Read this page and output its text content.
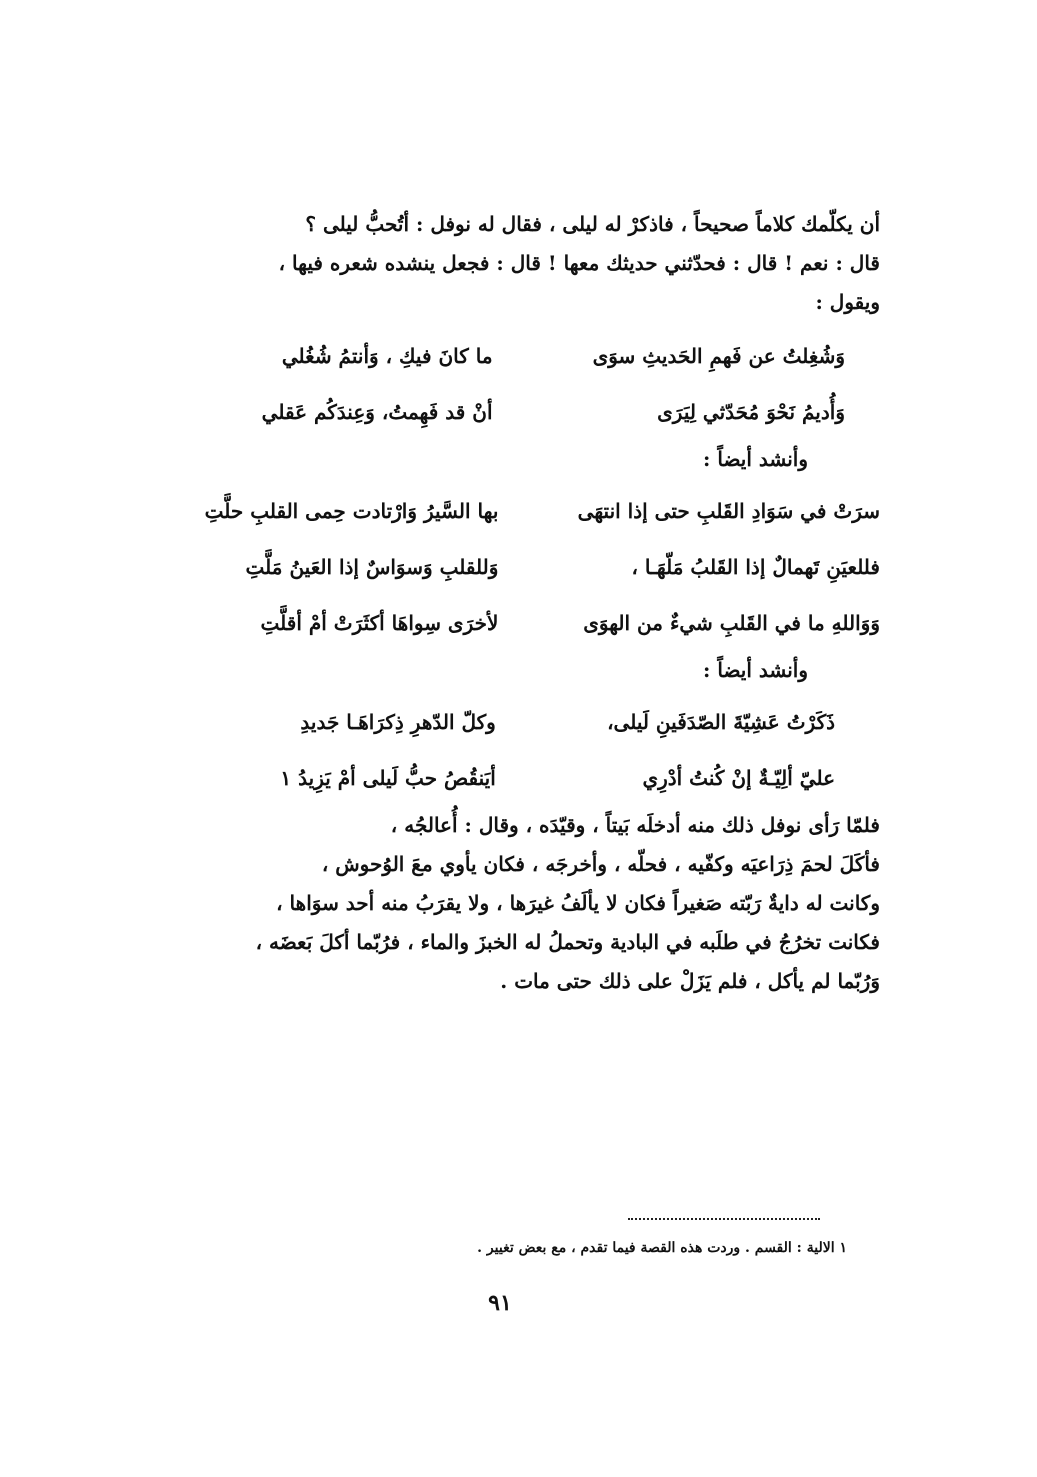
أن يكلّمك كلاماً صحيحاً ، فاذكرْ له ليلى ، فقال له نوفل : أتُحبُّ ليلى ؟
قال : نعم ! قال : فحدّثني حديثك معها ! قال : فجعل ينشده شعره فيها ،
ويقول :
وَشُغِلتُ عن فَهمِ الحَديثِ سوَى
ما كانَ فيكِ ، وَأنتمُ شُغُلي
وَأُديمُ نَحْوَ مُحَدّثي لِيَرَى
أنْ قد فَهِمتُ، وَعِندَكُم عَقلي

وأنشد أيضاً :

سرَتْ في سَوَادِ القَلبِ حتى إذا انتهَى
بها السَّيرُ وَارْتادت حِمى القلبِ حلَّتِ
فللعيَنِ تَهمالٌ إذا القَلبُ مَلّهَـا ،
وَللقلبِ وَسوَاسٌ إذا العَينُ مَلَّتِ
وَوَاللهِ ما في القَلبِ شيءٌ من الهوَى
لأخرَى سِواهَا أكثَرَتْ أمْ أقلَّتِ

وأنشد أيضاً :

ذَكَرْتُ عَشِيّةَ الصّدَفَينِ لَيلى،
وكلّ الدّهرِ ذِكرَاهَـا جَديدِ
عليّ ألِيّـةٌ إنْ كُنتُ أدْرِي
أيَنقُصُ حبُّ لَيلى أمْ يَزِيدُ ١
فلمّا رَأى نوفل ذلك منه أدخلَه بَيتاً ، وقيّدَه ، وقال : أُعالجُه ،
فأكَلَ لحمَ ذِرَاعيَه وكفّيه ، فحلّه ، وأخرجَه ، فكان يأوي معَ الوُحوش ،
وكانت له دايةٌ رَبّته صَغيراً فكان لا يألَفُ غيرَها ، ولا يقرَبُ منه أحد سوَاها ،
فكانت تخرُجُ في طلَبه في البادية وتحملُ له الخبزَ والماء ، فرُبّما أكلَ بَعضَه ،
وَرُبّما لم يأكل ، فلم يَزَلْ على ذلك حتى مات .
١ الالية : القسم . وردت هذه القصة فيما تقدم ، مع بعض تغيير .
٩١
